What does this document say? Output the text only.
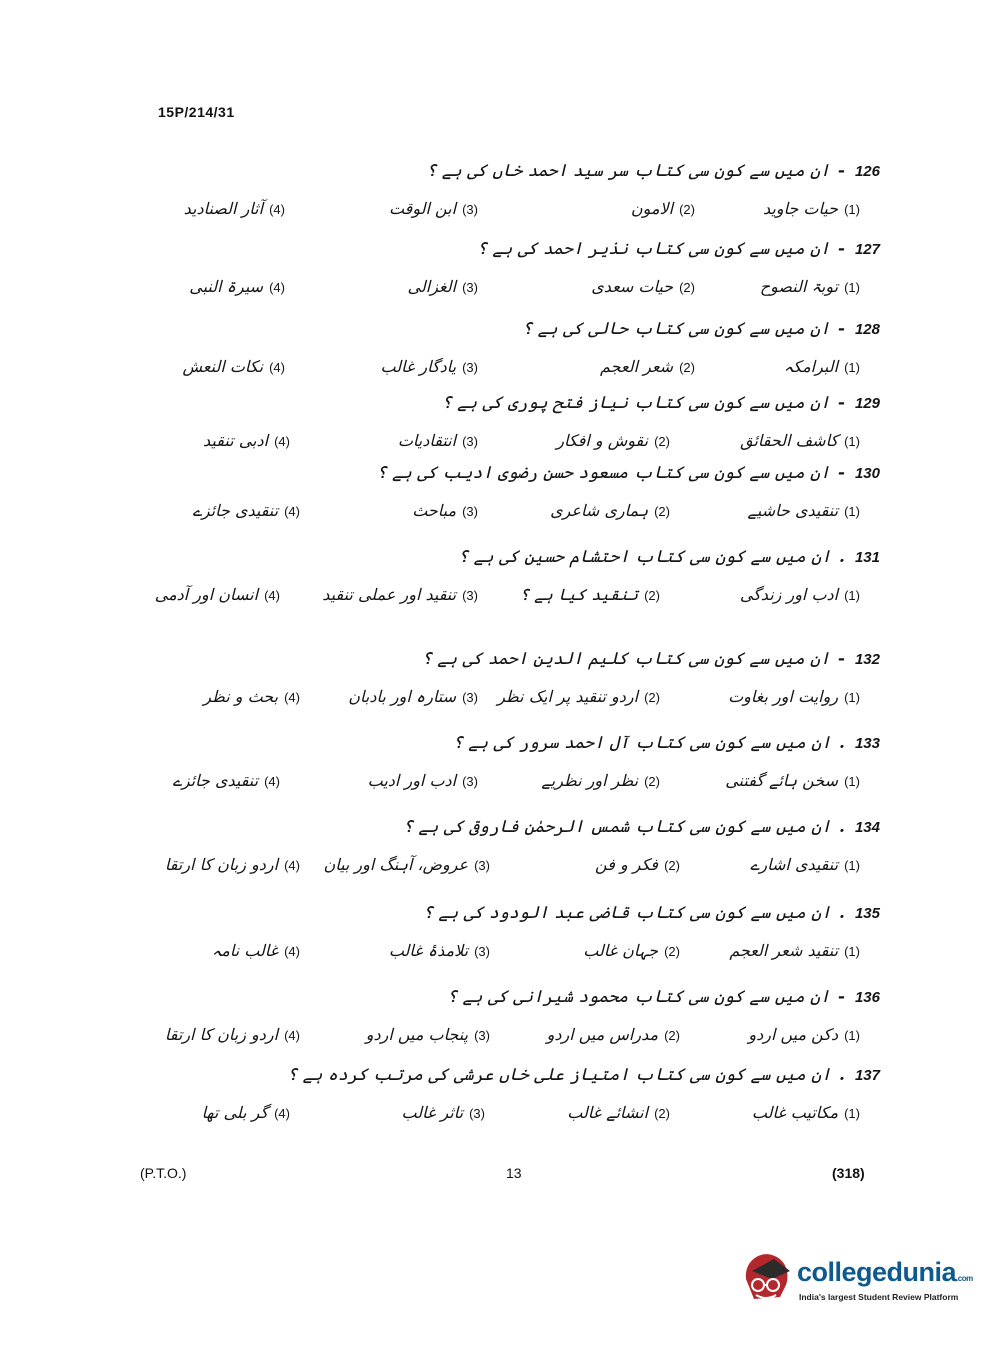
15P/214/31
126
-
ان میں سے کون سی کتاب سر سید احمد خاں کی ہے ؟
(1)حیات جاوید
(2)الامون
(3)ابن الوقت
(4)آثار الصنادید
127
-
ان میں سے کون سی کتاب نذیر احمد کی ہے ؟
(1)توبۃ النصوح
(2)حیات سعدی
(3)الغزالی
(4)سیرۃ النبی
128
-
ان میں سے کون سی کتاب حالی کی ہے ؟
(1)البرامکہ
(2)شعر العجم
(3)یادگار غالب
(4)نکات النعش
129
-
ان میں سے کون سی کتاب نیاز فتح پوری کی ہے ؟
(1)کاشف الحقائق
(2)نقوش و افکار
(3)انتقادیات
(4)ادبی تنقید
130
-
ان میں سے کون سی کتاب مسعود حسن رضوی ادیب کی ہے ؟
(1)تنقیدی حاشیے
(2)ہماری شاعری
(3)مباحث
(4)تنقیدی جائزے
131
.
ان میں سے کون سی کتاب احتشام حسین کی ہے ؟
(1)ادب اور زندگی
(2)تنقید کیا ہے ؟
(3)تنقید اور عملی تنقید
(4)انسان اور آدمی
132
-
ان میں سے کون سی کتاب کلیم الدین احمد کی ہے ؟
(1)روایت اور بغاوت
(2)اردو تنقید پر ایک نظر
(3)ستارہ اور بادبان
(4)بحث و نظر
133
.
ان میں سے کون سی کتاب آل احمد سرور کی ہے ؟
(1)سخن ہائے گفتنی
(2)نظر اور نظریے
(3)ادب اور ادیب
(4)تنقیدی جائزے
134
.
ان میں سے کون سی کتاب شمس الرحمٰن فاروقی کی ہے ؟
(1)تنقیدی اشارے
(2)فکر و فن
(3)عروض، آہنگ اور بیان
(4)اردو زبان کا ارتقا
135
.
ان میں سے کون سی کتاب قاضی عبد الودود کی ہے ؟
(1)تنقید شعر العجم
(2)جہان غالب
(3)تلامذۂ غالب
(4)غالب نامہ
136
-
ان میں سے کون سی کتاب محمود شیرانی کی ہے ؟
(1)دکن میں اردو
(2)مدراس میں اردو
(3)پنجاب میں اردو
(4)اردو زبان کا ارتقا
137
.
ان میں سے کون سی کتاب امتیاز علی خاں عرشی کی مرتب کردہ ہے ؟
(1)مکاتیب غالب
(2)انشائے غالب
(3)تاثر غالب
(4)گر بلی تھا
(P.T.O.)	13	(318)
collegedunia.com
India's largest Student Review Platform
